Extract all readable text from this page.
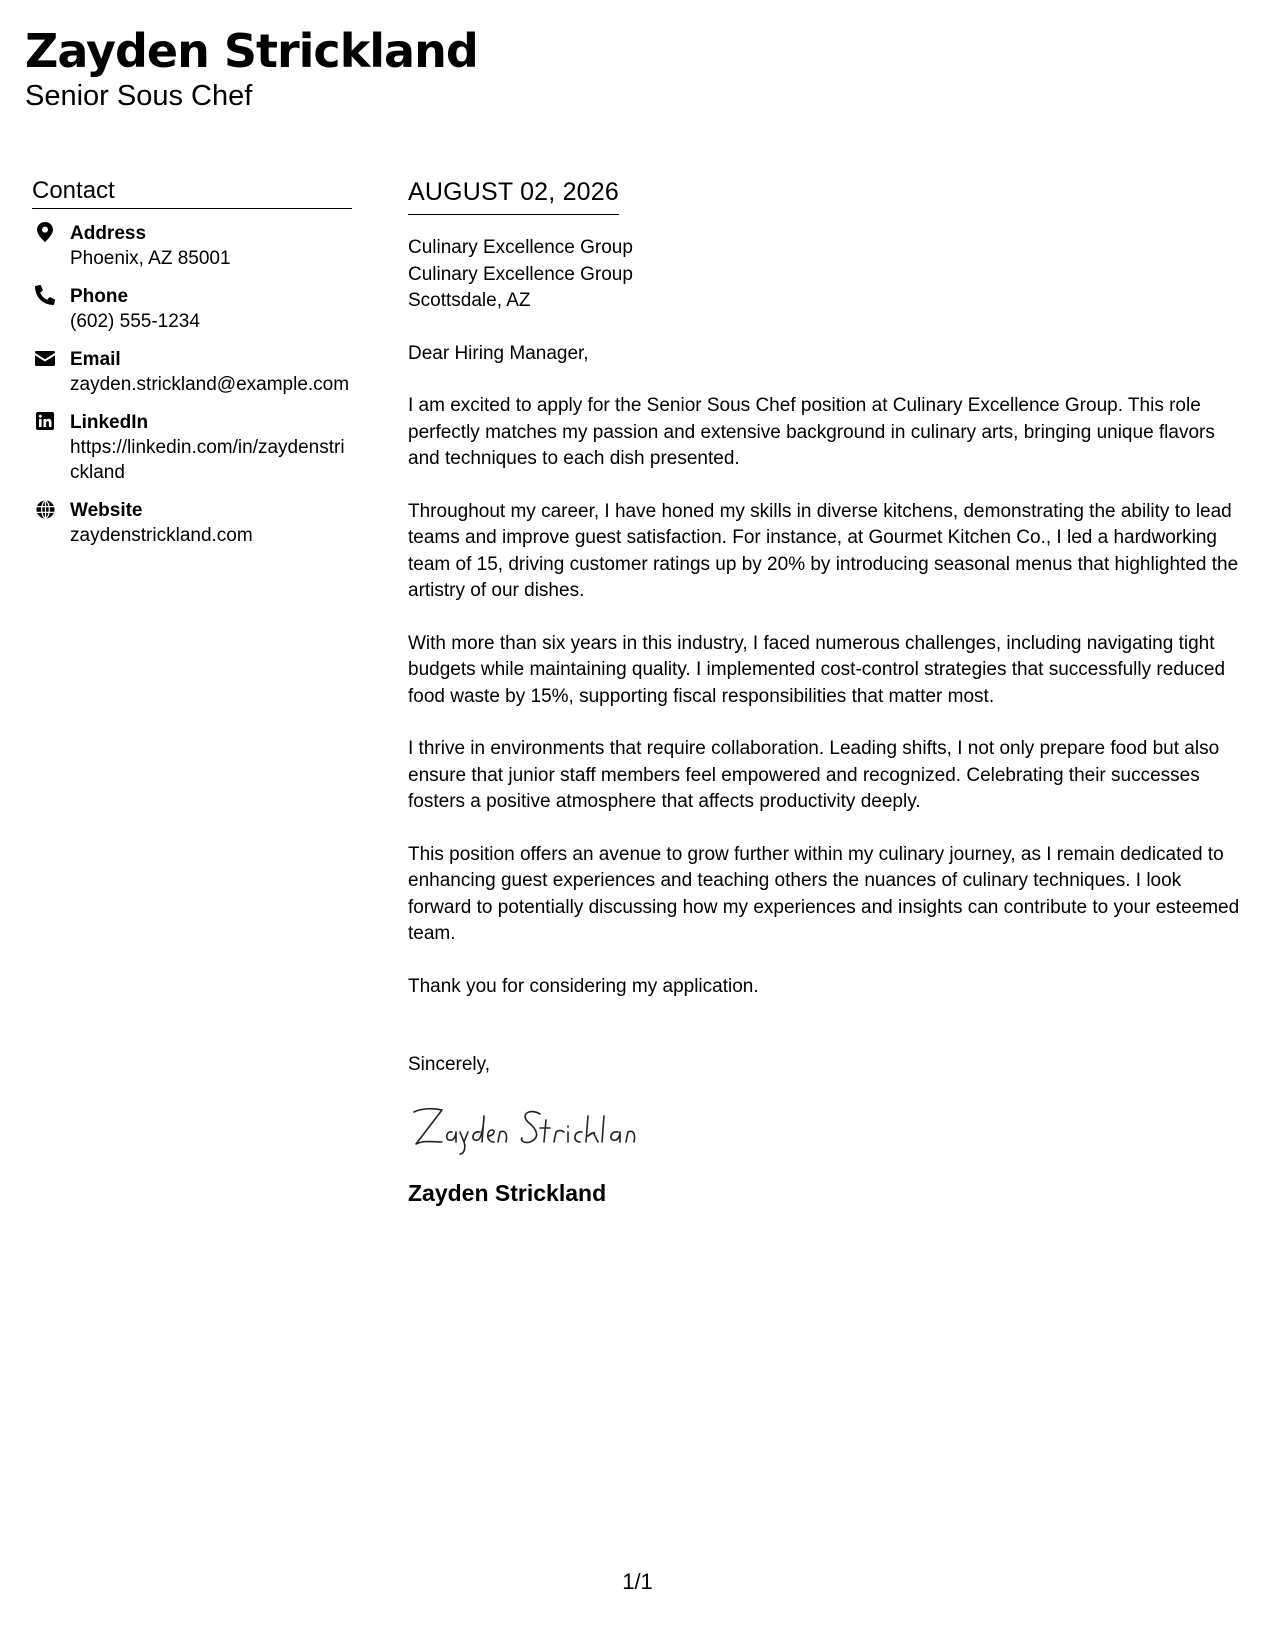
Zayden Strickland
Senior Sous Chef
Contact
Address
Phoenix, AZ 85001
Phone
(602) 555-1234
Email
zayden.strickland@example.com
LinkedIn
https://linkedin.com/in/zaydenstrickland
Website
zaydenstrickland.com
AUGUST 02, 2026
Culinary Excellence Group
Culinary Excellence Group
Scottsdale, AZ

Dear Hiring Manager,

I am excited to apply for the Senior Sous Chef position at Culinary Excellence Group. This role perfectly matches my passion and extensive background in culinary arts, bringing unique flavors and techniques to each dish presented.

Throughout my career, I have honed my skills in diverse kitchens, demonstrating the ability to lead teams and improve guest satisfaction. For instance, at Gourmet Kitchen Co., I led a hardworking team of 15, driving customer ratings up by 20% by introducing seasonal menus that highlighted the artistry of our dishes.

With more than six years in this industry, I faced numerous challenges, including navigating tight budgets while maintaining quality. I implemented cost-control strategies that successfully reduced food waste by 15%, supporting fiscal responsibilities that matter most.

I thrive in environments that require collaboration. Leading shifts, I not only prepare food but also ensure that junior staff members feel empowered and recognized. Celebrating their successes fosters a positive atmosphere that affects productivity deeply.

This position offers an avenue to grow further within my culinary journey, as I remain dedicated to enhancing guest experiences and teaching others the nuances of culinary techniques. I look forward to potentially discussing how my experiences and insights can contribute to your esteemed team.

Thank you for considering my application.

Sincerely,
Zayden Strickland
1/1
